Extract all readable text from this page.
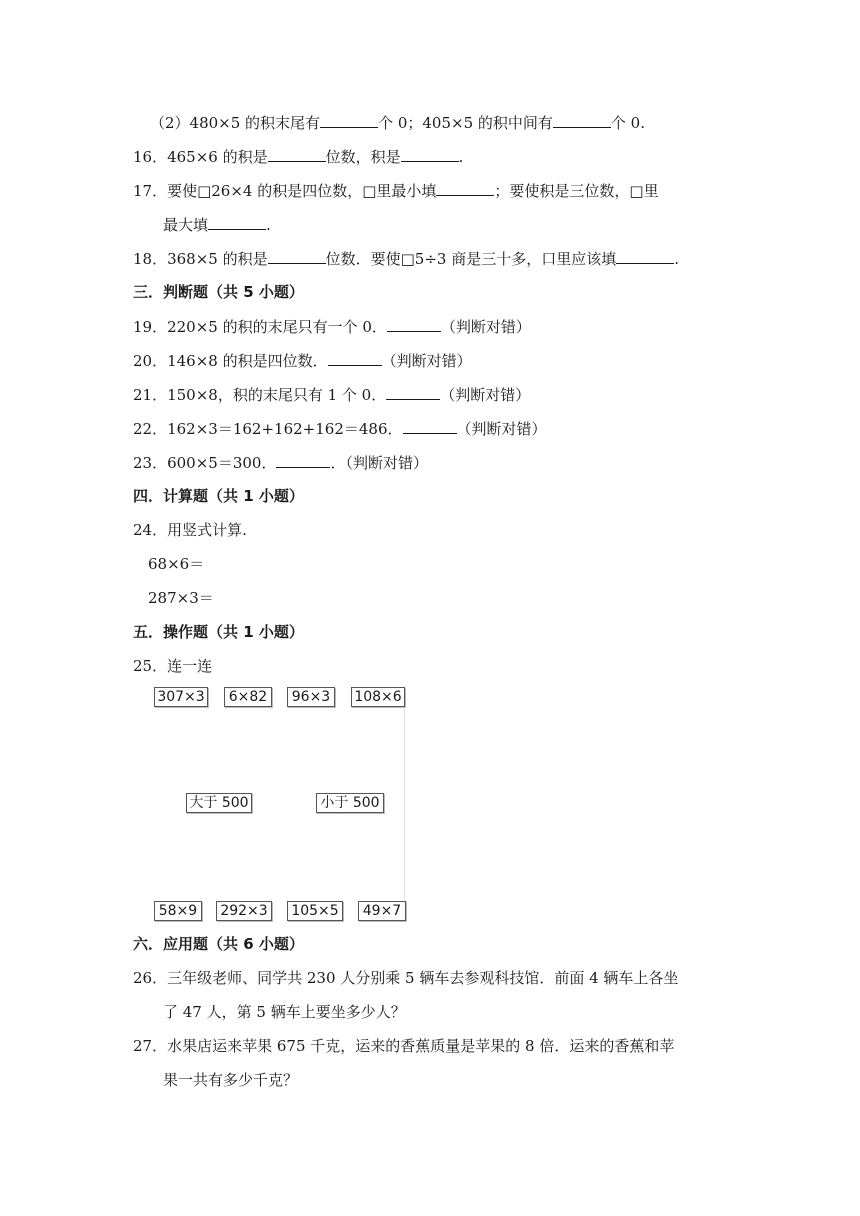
（2）480×5 的积末尾有	个 0；405×5 的积中间有	个 0.
16．465×6 的积是	位数，积是	.
17．要使□26×4 的积是四位数，□里最小填	；要使积是三位数，□里
最大填	.
18．368×5 的积是	位数．要使□5÷3 商是三十多，口里应该填	.
三．判断题（共 5 小题）
19．220×5 的积的末尾只有一个 0．	（判断对错）
20．146×8 的积是四位数．	（判断对错）
21．150×8，积的末尾只有 1 个 0．	（判断对错）
22．162×3＝162+162+162＝486．	（判断对错）
23．600×5＝300．	．（判断对错）
四．计算题（共 1 小题）
24．用竖式计算.
68×6＝
287×3＝
五．操作题（共 1 小题）
25．连一连
307×3	6×82	96×3	108×6
大于 500	小于 500
58×9	292×3	105×5	49×7
六．应用题（共 6 小题）
26．三年级老师、同学共 230 人分别乘 5 辆车去参观科技馆．前面 4 辆车上各坐
了 47 人，第 5 辆车上要坐多少人？
27．水果店运来苹果 675 千克，运来的香蕉质量是苹果的 8 倍．运来的香蕉和苹
果一共有多少千克？
